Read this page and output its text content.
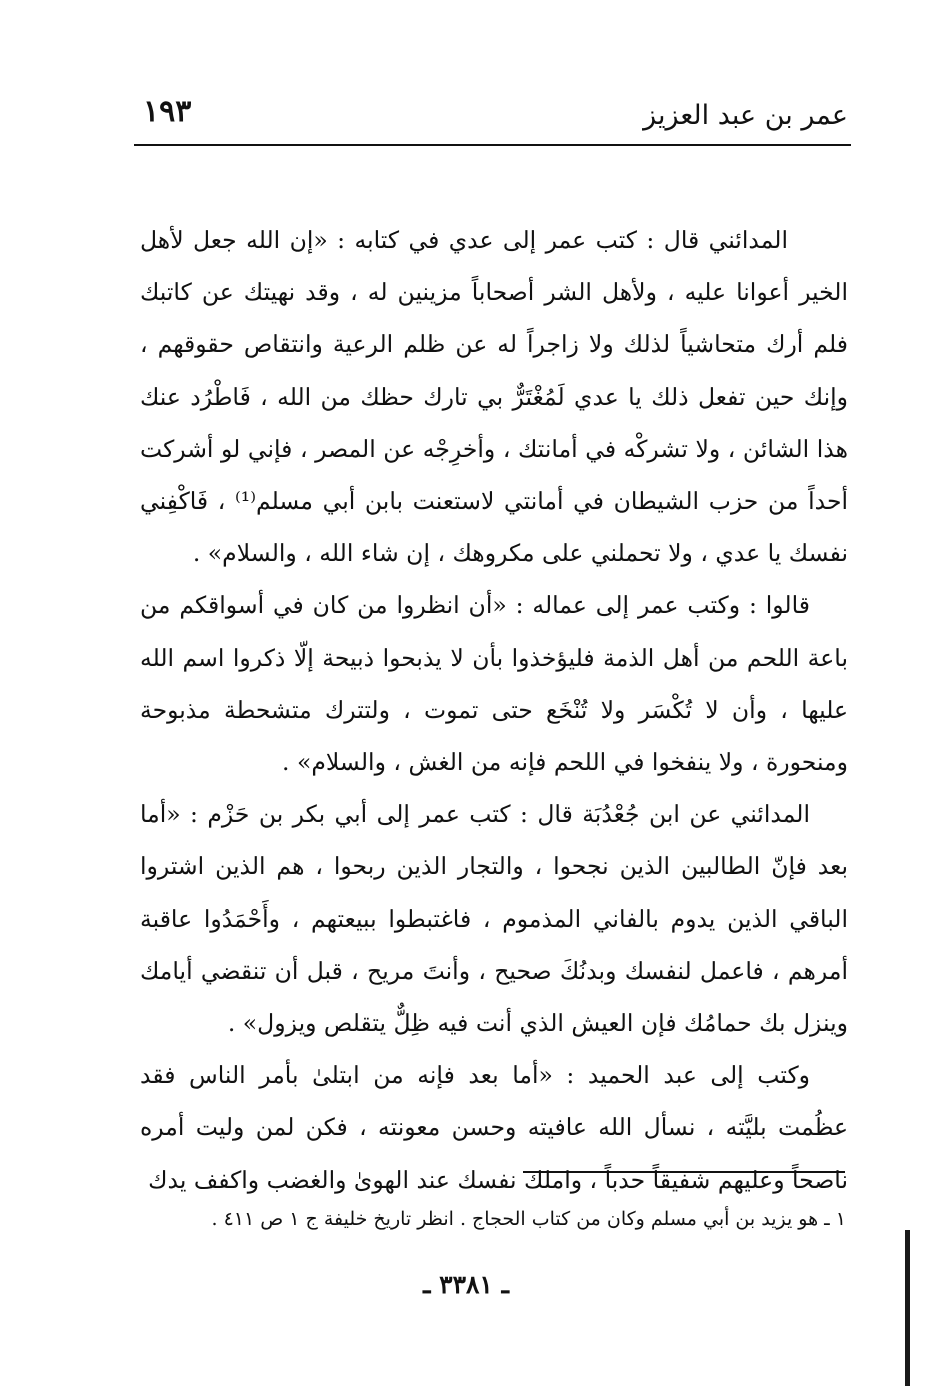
عمر بن عبد العزيز
١٩٣

المدائني قال : كتب عمر إلى عدي في كتابه : «إن الله جعل لأهل الخير أعوانا عليه ، ولأهل الشر أصحاباً مزينين له ، وقد نهيتك عن كاتبك فلم أرك متحاشياً لذلك ولا زاجراً له عن ظلم الرعية وانتقاص حقوقهم ، وإنك حين تفعل ذلك يا عدي لَمُغْتَرٌّ بي تارك حظك من الله ، فَاطْرُد عنك هذا الشائن ، ولا تشركْه في أمانتك ، وأخرِجْه عن المصر ، فإني لو أشركت أحداً من حزب الشيطان في أمانتي لاستعنت بابن أبي مسلم⁽¹⁾ ، فَاكْفِني نفسك يا عدي ، ولا تحملني على مكروهك ، إن شاء الله ، والسلام» .

قالوا : وكتب عمر إلى عماله : «أن انظروا من كان في أسواقكم من باعة اللحم من أهل الذمة فليؤخذوا بأن لا يذبحوا ذبيحة إلّا ذكروا اسم الله عليها ، وأن لا تُكْسَر ولا تُنْخَع حتى تموت ، ولتترك متشحطة مذبوحة ومنحورة ، ولا ينفخوا في اللحم فإنه من الغش ، والسلام» .

المدائني عن ابن جُعْدُبَة قال : كتب عمر إلى أبي بكر بن حَزْم : «أما بعد فإنّ الطالبين الذين نجحوا ، والتجار الذين ربحوا ، هم الذين اشتروا الباقي الذين يدوم بالفاني المذموم ، فاغتبطوا ببيعتهم ، وأَحْمَدُوا عاقبة أمرهم ، فاعمل لنفسك وبدنُكَ صحيح ، وأنتَ مريح ، قبل أن تنقضي أيامك وينزل بك حمامُك فإن العيش الذي أنت فيه ظِلٌّ يتقلص ويزول» .

وكتب إلى عبد الحميد : «أما بعد فإنه من ابتلىٰ بأمر الناس فقد عظُمت بليَّته ، نسأل الله عافيته وحسن معونته ، فكن لمن وليت أمره ناصحاً وعليهم شفيقاً حدباً ، واملك نفسك عند الهوىٰ والغضب واكفف يدك

١ ـ هو يزيد بن أبي مسلم وكان من كتاب الحجاج . انظر تاريخ خليفة ج ١ ص ٤١١ .
ـ ٣٣٨١ ـ
